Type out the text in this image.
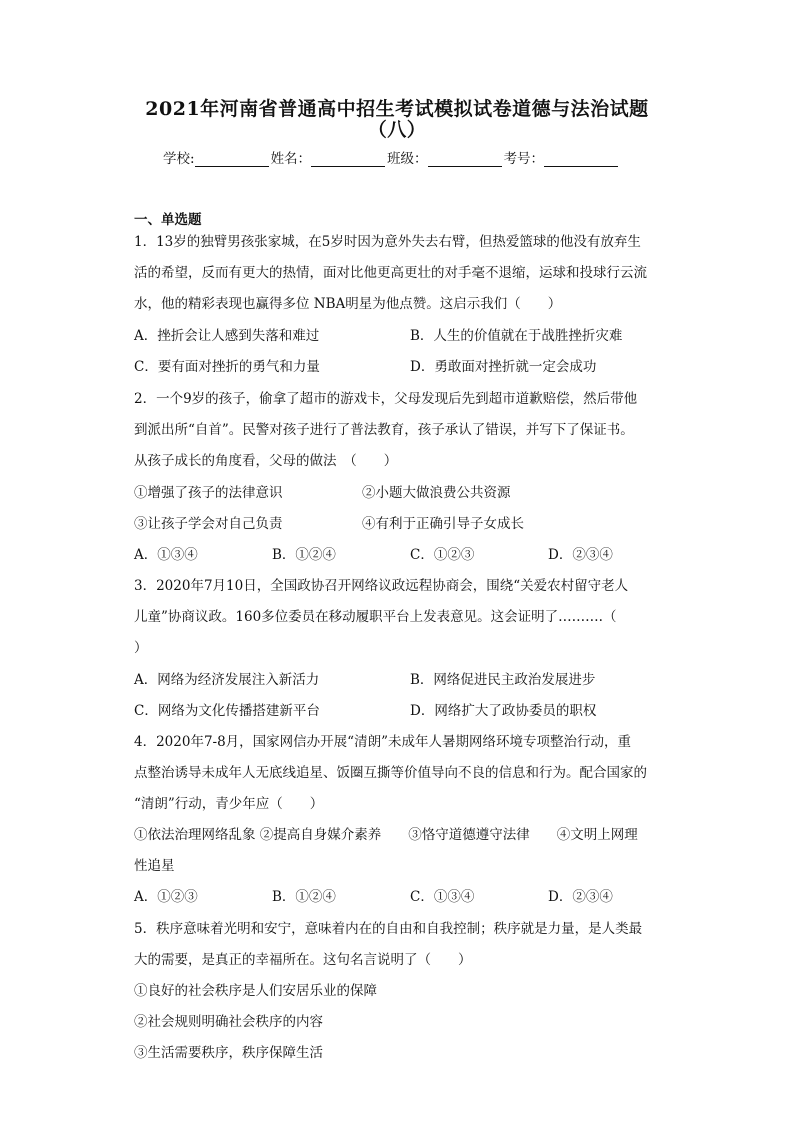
2021年河南省普通高中招生考试模拟试卷道德与法治试题
（八）
学校:	姓名：	班级：	考号：
一、单选题
1．13岁的独臂男孩张家城，在5岁时因为意外失去右臂，但热爱篮球的他没有放弃生
活的希望，反而有更大的热情，面对比他更高更壮的对手毫不退缩，运球和投球行云流
水，他的精彩表现也赢得多位 NBA明星为他点赞。这启示我们（　　）
A．挫折会让人感到失落和难过	B．人生的价值就在于战胜挫折灾难
C．要有面对挫折的勇气和力量	D．勇敢面对挫折就一定会成功
2．一个9岁的孩子，偷拿了超市的游戏卡，父母发现后先到超市道歉赔偿，然后带他
到派出所“自首”。民警对孩子进行了普法教育，孩子承认了错误，并写下了保证书。
从孩子成长的角度看，父母的做法　（　　）
①增强了孩子的法律意识	②小题大做浪费公共资源
③让孩子学会对自己负责	④有利于正确引导子女成长
A．①③④	B．①②④	C．①②③	D．②③④
3．2020年7月10日，全国政协召开网络议政远程协商会，围绕“关爱农村留守老人
儿童”协商议政。160多位委员在移动履职平台上发表意见。这会证明了……….（
）
A．网络为经济发展注入新活力	B．网络促进民主政治发展进步
C．网络为文化传播搭建新平台	D．网络扩大了政协委员的职权
4．2020年7-8月，国家网信办开展“清朗”未成年人暑期网络环境专项整治行动，重
点整治诱导未成年人无底线追星、饭圈互撕等价值导向不良的信息和行为。配合国家的
“清朗”行动，青少年应（　　）
①依法治理网络乱象 ②提高自身媒介素养　　③恪守道德遵守法律　　④文明上网理
性追星
A．①②③	B．①②④	C．①③④	D．②③④
5．秩序意味着光明和安宁，意味着内在的自由和自我控制；秩序就是力量，是人类最
大的需要，是真正的幸福所在。这句名言说明了（　　）
①良好的社会秩序是人们安居乐业的保障
②社会规则明确社会秩序的内容
③生活需要秩序，秩序保障生活
